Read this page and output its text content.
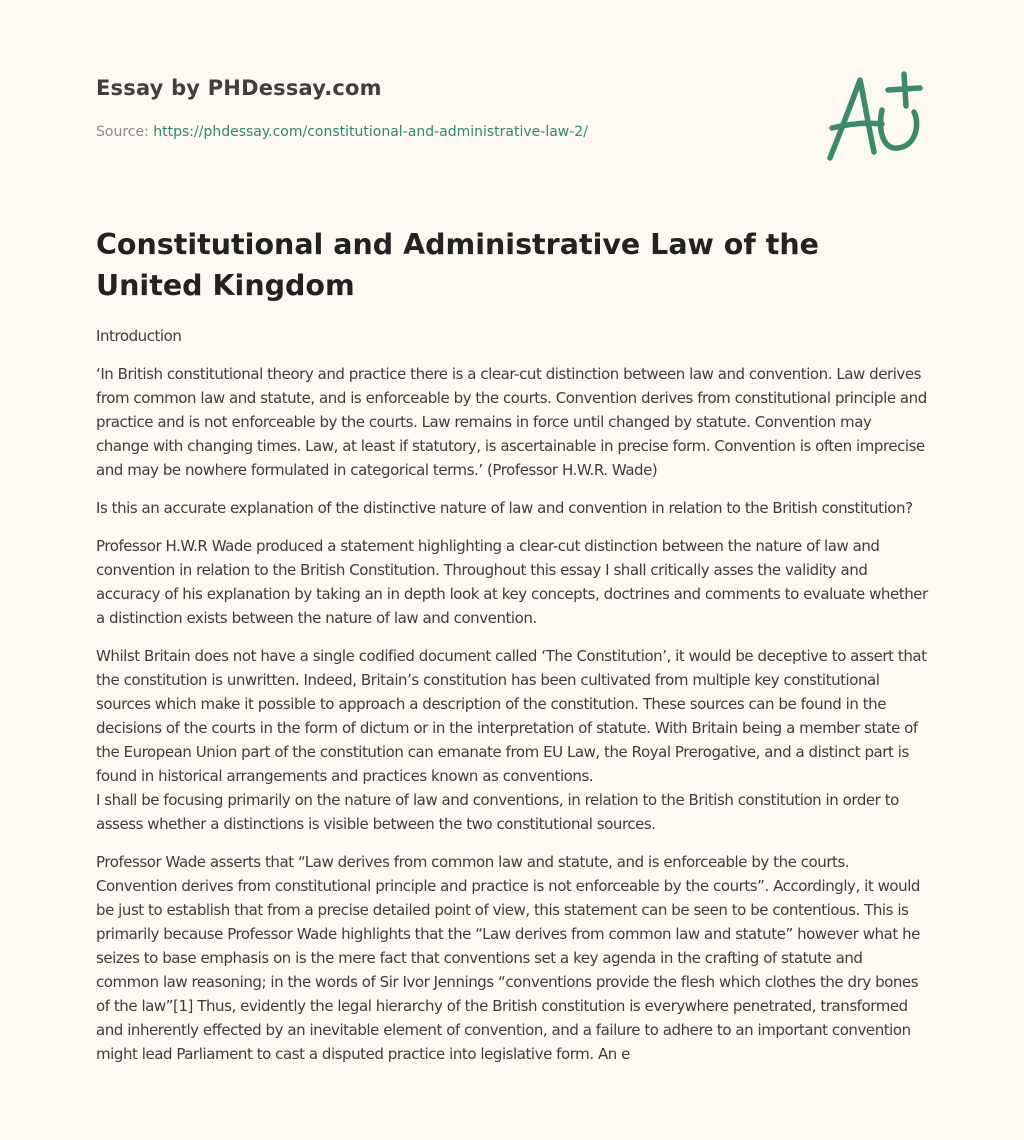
Essay by PHDessay.com
Source: https://phdessay.com/constitutional-and-administrative-law-2/
Constitutional and Administrative Law of the United Kingdom

Introduction

‘In British constitutional theory and practice there is a clear-cut distinction between law and convention. Law derives from common law and statute, and is enforceable by the courts. Convention derives from constitutional principle and practice and is not enforceable by the courts. Law remains in force until changed by statute. Convention may change with changing times. Law, at least if statutory, is ascertainable in precise form. Convention is often imprecise and may be nowhere formulated in categorical terms.’ (Professor H.W.R. Wade)

Is this an accurate explanation of the distinctive nature of law and convention in relation to the British constitution?

Professor H.W.R Wade produced a statement highlighting a clear-cut distinction between the nature of law and convention in relation to the British Constitution. Throughout this essay I shall critically asses the validity and accuracy of his explanation by taking an in depth look at key concepts, doctrines and comments to evaluate whether a distinction exists between the nature of law and convention.

Whilst Britain does not have a single codified document called ‘The Constitution’, it would be deceptive to assert that the constitution is unwritten. Indeed, Britain’s constitution has been cultivated from multiple key constitutional sources which make it possible to approach a description of the constitution. These sources can be found in the decisions of the courts in the form of dictum or in the interpretation of statute. With Britain being a member state of the European Union part of the constitution can emanate from EU Law, the Royal Prerogative, and a distinct part is found in historical arrangements and practices known as conventions.

I shall be focusing primarily on the nature of law and conventions, in relation to the British constitution in order to assess whether a distinctions is visible between the two constitutional sources.

Professor Wade asserts that “Law derives from common law and statute, and is enforceable by the courts. Convention derives from constitutional principle and practice is not enforceable by the courts”. Accordingly, it would be just to establish that from a precise detailed point of view, this statement can be seen to be contentious. This is primarily because Professor Wade highlights that the “Law derives from common law and statute” however what he seizes to base emphasis on is the mere fact that conventions set a key agenda in the crafting of statute and common law reasoning; in the words of Sir Ivor Jennings “conventions provide the flesh which clothes the dry bones of the law”[1] Thus, evidently the legal hierarchy of the British constitution is everywhere penetrated, transformed and inherently effected by an inevitable element of convention, and a failure to adhere to an important convention might lead Parliament to cast a disputed practice into legislative form. An e
